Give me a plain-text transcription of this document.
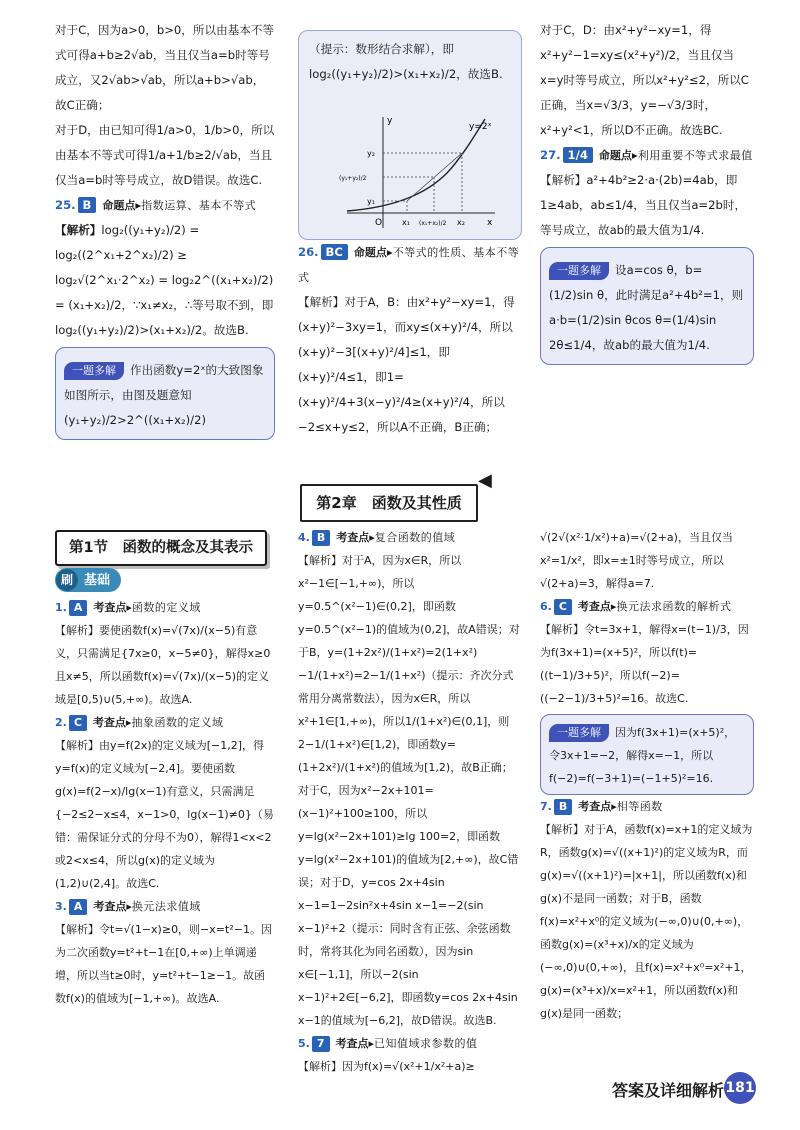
对于C，因为a>0，b>0，所以由基本不等式可得a+b≥2√ab，当且仅当a=b时等号成立，又2√ab>√ab，所以a+b>√ab，故C正确；

对于D，由已知可得1/a>0，1/b>0，所以由基本不等式可得1/a+1/b≥2/√ab，当且仅当a=b时等号成立，故D错误。故选C.

25. B 命题点▸指数运算、基本不等式

【解析】log₂((y₁+y₂)/2) = log₂((2^x₁+2^x₂)/2) ≥ log₂√(2^x₁·2^x₂) = log₂2^((x₁+x₂)/2) = (x₁+x₂)/2，∵x₁≠x₂，∴等号取不到，即log₂((y₁+y₂)/2)>(x₁+x₂)/2。故选B.

一题多解 作出函数y=2ˣ的大致图象如图所示，由图及题意知(y₁+y₂)/2>2^((x₁+x₂)/2)

（提示：数形结合求解），即log₂((y₁+y₂)/2)>(x₁+x₂)/2，故选B.

y=2ˣ
O	x
y
x₁	x₂
(x₁+x₂)/2
y₂
(y₁+y₂)/2
y₁

26. BC 命题点▸不等式的性质、基本不等式

【解析】对于A，B：由x²+y²−xy=1，得(x+y)²−3xy=1，而xy≤(x+y)²/4，所以(x+y)²−3[(x+y)²/4]≤1，即(x+y)²/4≤1，即1=(x+y)²/4+3(x−y)²/4≥(x+y)²/4，所以−2≤x+y≤2，所以A不正确，B正确；

对于C，D：由x²+y²−xy=1，得x²+y²−1=xy≤(x²+y²)/2，当且仅当x=y时等号成立，所以x²+y²≤2，所以C正确，当x=√3/3，y=−√3/3时，x²+y²<1，所以D不正确。故选BC.

27. 1/4 命题点▸利用重要不等式求最值

【解析】a²+4b²≥2·a·(2b)=4ab，即1≥4ab，ab≤1/4，当且仅当a=2b时，等号成立，故ab的最大值为1/4.

一题多解 设a=cos θ，b=(1/2)sin θ，此时满足a²+4b²=1，则a·b=(1/2)sin θcos θ=(1/4)sin 2θ≤1/4，故ab的最大值为1/4.
第2章　函数及其性质
◀
第1节　函数的概念及其表示
刷 基础

1. A 考查点▸函数的定义域

【解析】要使函数f(x)=√(7x)/(x−5)有意义，只需满足{7x≥0，x−5≠0}，解得x≥0且x≠5，所以函数f(x)=√(7x)/(x−5)的定义域是[0,5)∪(5,+∞)。故选A.

2. C 考查点▸抽象函数的定义域

【解析】由y=f(2x)的定义域为[−1,2]，得y=f(x)的定义域为[−2,4]。要使函数g(x)=f(2−x)/lg(x−1)有意义，只需满足{−2≤2−x≤4，x−1>0，lg(x−1)≠0}（易错：需保证分式的分母不为0），解得1<x<2或2<x≤4，所以g(x)的定义域为(1,2)∪(2,4]。故选C.

3. A 考查点▸换元法求值域

【解析】令t=√(1−x)≥0，则−x=t²−1。因为二次函数y=t²+t−1在[0,+∞)上单调递增，所以当t≥0时，y=t²+t−1≥−1。故函数f(x)的值域为[−1,+∞)。故选A.

4. B 考查点▸复合函数的值域

【解析】对于A，因为x∈R，所以x²−1∈[−1,+∞)，所以y=0.5^(x²−1)∈(0,2]，即函数y=0.5^(x²−1)的值域为(0,2]，故A错误；对于B，y=(1+2x²)/(1+x²)=2(1+x²)−1/(1+x²)=2−1/(1+x²)（提示：齐次分式常用分离常数法），因为x∈R，所以x²+1∈[1,+∞)，所以1/(1+x²)∈(0,1]，则2−1/(1+x²)∈[1,2)，即函数y=(1+2x²)/(1+x²)的值域为[1,2)，故B正确；对于C，因为x²−2x+101=(x−1)²+100≥100，所以y=lg(x²−2x+101)≥lg 100=2，即函数y=lg(x²−2x+101)的值域为[2,+∞)，故C错误；对于D，y=cos 2x+4sin x−1=1−2sin²x+4sin x−1=−2(sin x−1)²+2（提示：同时含有正弦、余弦函数时，常将其化为同名函数），因为sin x∈[−1,1]，所以−2(sin x−1)²+2∈[−6,2]，即函数y=cos 2x+4sin x−1的值域为[−6,2]，故D错误。故选B.

5. 7 考查点▸已知值域求参数的值

【解析】因为f(x)=√(x²+1/x²+a)≥

√(2√(x²·1/x²)+a)=√(2+a)，当且仅当x²=1/x²，即x=±1时等号成立，所以√(2+a)=3，解得a=7.

6. C 考查点▸换元法求函数的解析式

【解析】令t=3x+1，解得x=(t−1)/3，因为f(3x+1)=(x+5)²，所以f(t)=((t−1)/3+5)²，所以f(−2)=((−2−1)/3+5)²=16。故选C.

一题多解 因为f(3x+1)=(x+5)²，令3x+1=−2，解得x=−1，所以f(−2)=f(−3+1)=(−1+5)²=16.

7. B 考查点▸相等函数

【解析】对于A，函数f(x)=x+1的定义域为R，函数g(x)=√((x+1)²)的定义域为R，而g(x)=√((x+1)²)=|x+1|，所以函数f(x)和g(x)不是同一函数；对于B，函数f(x)=x²+x⁰的定义域为(−∞,0)∪(0,+∞)，函数g(x)=(x³+x)/x的定义域为(−∞,0)∪(0,+∞)，且f(x)=x²+x⁰=x²+1，g(x)=(x³+x)/x=x²+1，所以函数f(x)和g(x)是同一函数；

答案及详细解析 181
